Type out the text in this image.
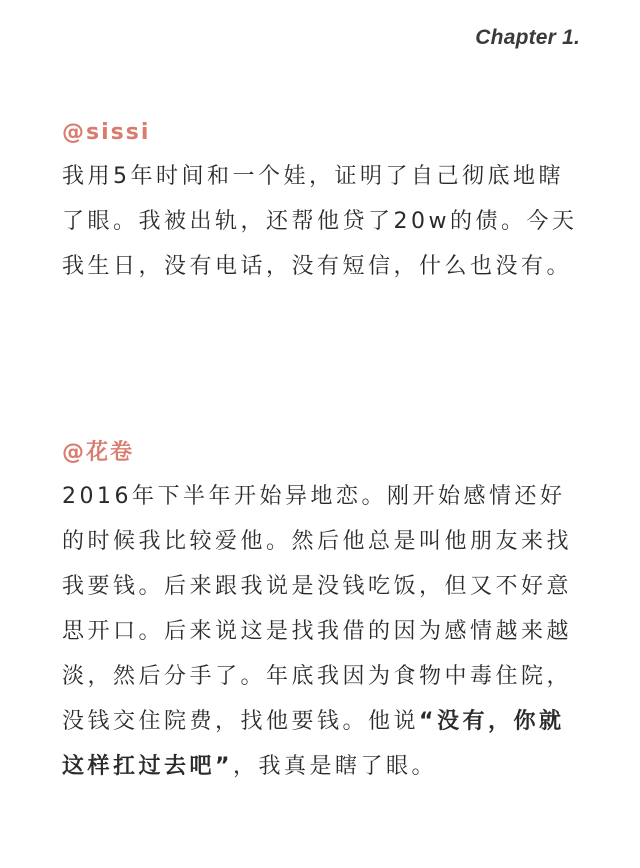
Chapter 1.
@sissi

我用5年时间和一个娃，证明了自己彻底地瞎了眼。我被出轨，还帮他贷了20w的债。今天我生日，没有电话，没有短信，什么也没有。

@花卷

2016年下半年开始异地恋。刚开始感情还好的时候我比较爱他。然后他总是叫他朋友来找我要钱。后来跟我说是没钱吃饭，但又不好意思开口。后来说这是找我借的因为感情越来越淡，然后分手了。年底我因为食物中毒住院，没钱交住院费，找他要钱。他说“没有，你就这样扛过去吧”，我真是瞎了眼。
